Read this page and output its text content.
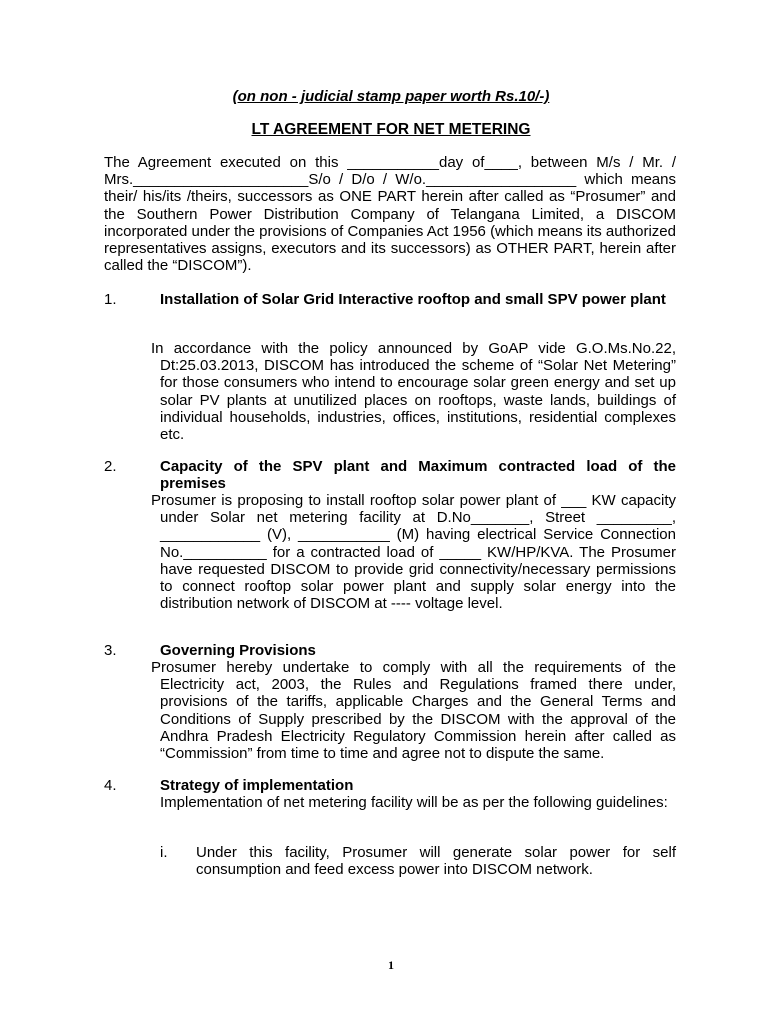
(on non - judicial stamp paper worth Rs.10/-)
LT AGREEMENT FOR NET METERING
The Agreement executed on this ___________day of____, between M/s / Mr. / Mrs._____________________S/o / D/o / W/o.__________________ which means their/ his/its /theirs, successors as ONE PART herein after called as “Prosumer” and the Southern Power Distribution Company of Telangana Limited, a DISCOM incorporated under the provisions of Companies Act 1956 (which means its authorized representatives assigns, executors and its successors) as OTHER PART, herein after called the “DISCOM”).
1.	Installation of Solar Grid Interactive rooftop and small SPV power plant
In accordance with the policy announced by GoAP vide G.O.Ms.No.22, Dt:25.03.2013, DISCOM has introduced the scheme of “Solar Net Metering” for those consumers who intend to encourage solar green energy and set up solar PV plants at unutilized places on rooftops, waste lands, buildings of individual households, industries, offices, institutions, residential complexes etc.
2.	Capacity of the SPV plant and Maximum contracted load of the premises
Prosumer is proposing to install rooftop solar power plant of ___ KW capacity under Solar net metering facility at D.No_______, Street _________, ____________ (V), ___________ (M) having electrical Service Connection No.__________ for a contracted load of _____ KW/HP/KVA. The Prosumer have requested DISCOM to provide grid connectivity/necessary permissions to connect rooftop solar power plant and supply solar energy into the distribution network of DISCOM at ---- voltage level.
3.	Governing Provisions
Prosumer hereby undertake to comply with all the requirements of the Electricity act, 2003, the Rules and Regulations framed there under, provisions of the tariffs, applicable Charges and the General Terms and Conditions of Supply prescribed by the DISCOM with the approval of the Andhra Pradesh Electricity Regulatory Commission herein after called as “Commission” from time to time and agree not to dispute the same.
4.	Strategy of implementation
Implementation of net metering facility will be as per the following guidelines:
i. Under this facility, Prosumer will generate solar power for self consumption and feed excess power into DISCOM network.
1
